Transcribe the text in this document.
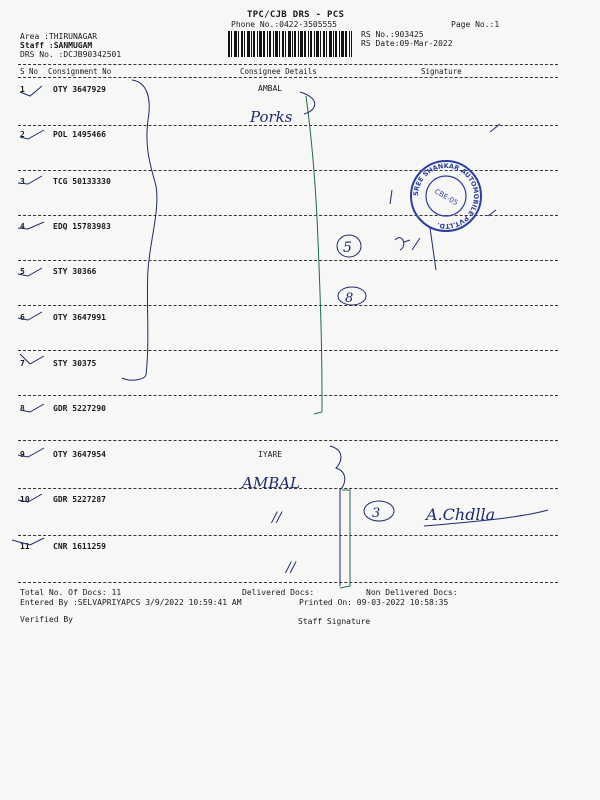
TPC/CJB DRS - PCS
Phone No.:0422-3505555	Page No.:1
Area :THIRUNAGAR
Staff :SANMUGAM
DRS No. :DCJB90342501
RS No.:903425
RS Date:09-Mar-2022
S No Consignment No	Consignee Details	Signature
1	OTY 3647929	AMBAL
2	POL 1495466
3	TCG 50133330
4	EDQ 15783983
5	STY 30366
6	OTY 3647991
7	STY 30375
8	GDR 5227290
9	OTY 3647954	IYARE
10	GDR 5227287
11	CNR 1611259
Total No. Of Docs: 11	Delivered Docs:	Non Delivered Docs:
Entered By :SELVAPRIYAPCS 3/9/2022 10:59:41 AM	Printed On: 09-03-2022 10:58:35
Verified By	Staff Signature
Porks
5
8
SREE SHANKAR AUTOMOBILE PVT.LTD.
CBE-05
AMBAL
//
//
3	A.Chdlla
